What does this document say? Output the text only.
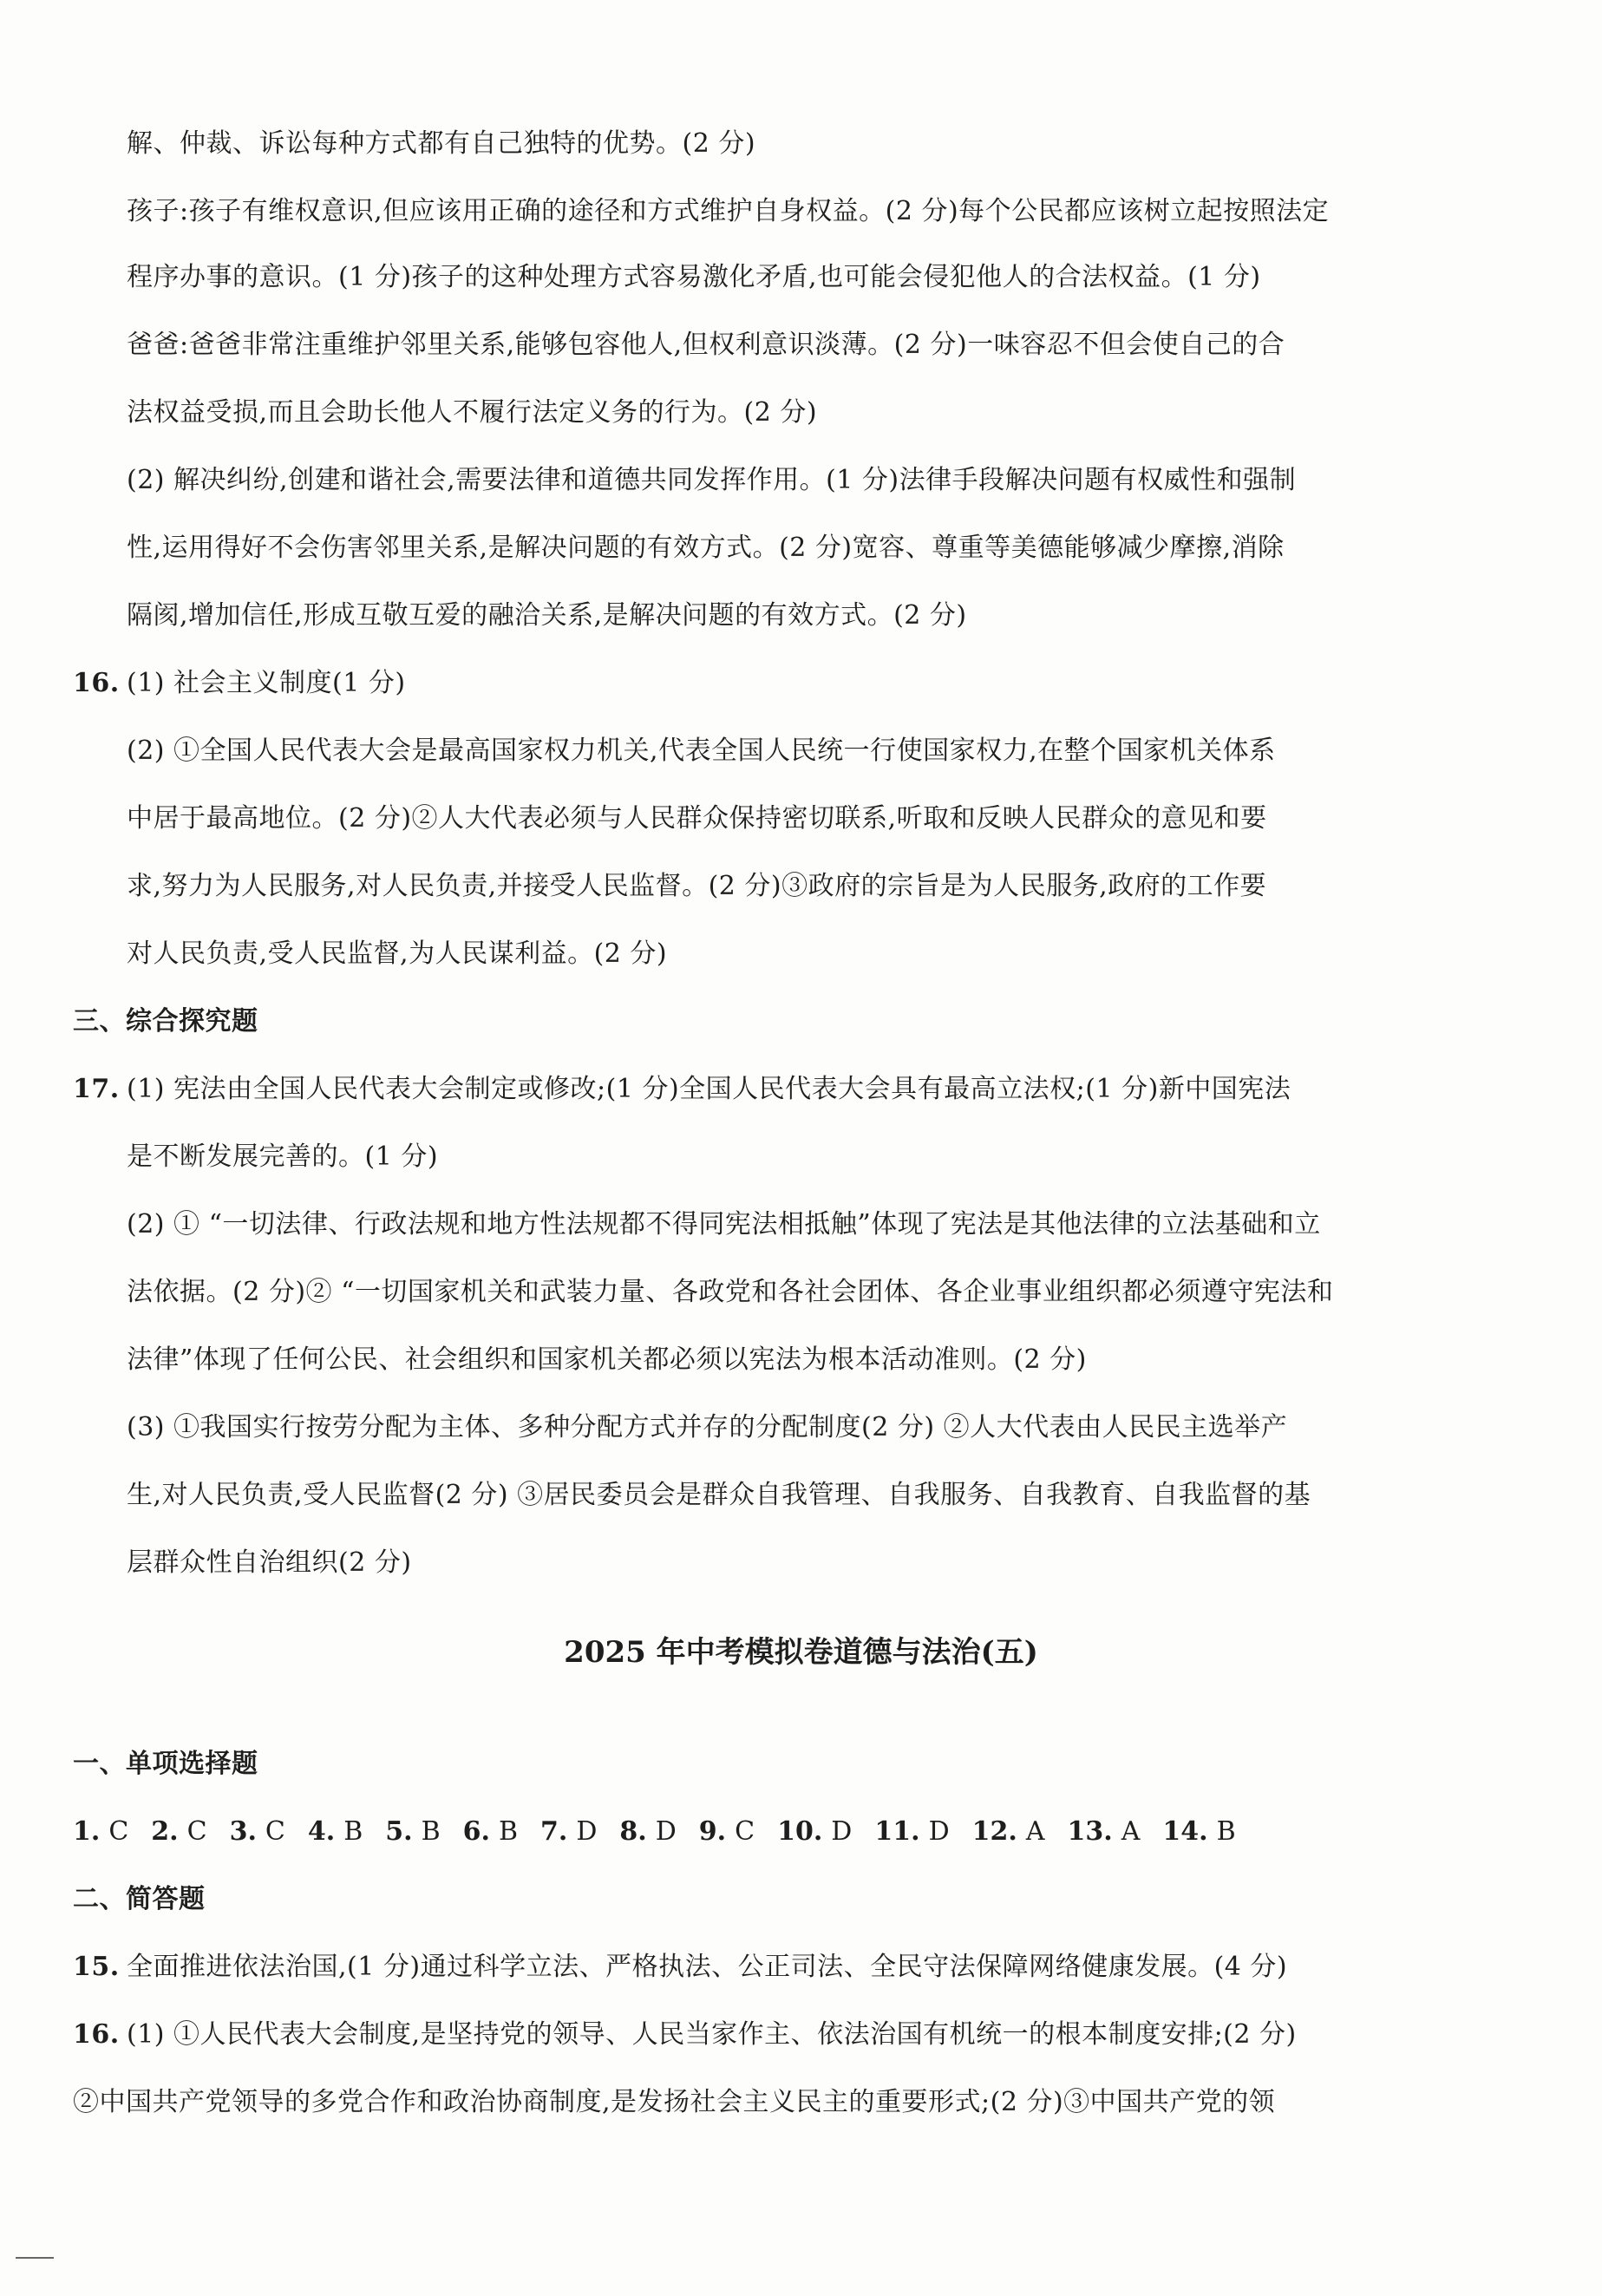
解、仲裁、诉讼每种方式都有自己独特的优势。(2 分)
孩子:孩子有维权意识,但应该用正确的途径和方式维护自身权益。(2 分)每个公民都应该树立起按照法定
程序办事的意识。(1 分)孩子的这种处理方式容易激化矛盾,也可能会侵犯他人的合法权益。(1 分)
爸爸:爸爸非常注重维护邻里关系,能够包容他人,但权利意识淡薄。(2 分)一味容忍不但会使自己的合
法权益受损,而且会助长他人不履行法定义务的行为。(2 分)
(2) 解决纠纷,创建和谐社会,需要法律和道德共同发挥作用。(1 分)法律手段解决问题有权威性和强制
性,运用得好不会伤害邻里关系,是解决问题的有效方式。(2 分)宽容、尊重等美德能够减少摩擦,消除
隔阂,增加信任,形成互敬互爱的融洽关系,是解决问题的有效方式。(2 分)
16. (1) 社会主义制度(1 分)
(2) ①全国人民代表大会是最高国家权力机关,代表全国人民统一行使国家权力,在整个国家机关体系
中居于最高地位。(2 分)②人大代表必须与人民群众保持密切联系,听取和反映人民群众的意见和要
求,努力为人民服务,对人民负责,并接受人民监督。(2 分)③政府的宗旨是为人民服务,政府的工作要
对人民负责,受人民监督,为人民谋利益。(2 分)
三、综合探究题
17. (1) 宪法由全国人民代表大会制定或修改;(1 分)全国人民代表大会具有最高立法权;(1 分)新中国宪法
是不断发展完善的。(1 分)
(2) ① “一切法律、行政法规和地方性法规都不得同宪法相抵触”体现了宪法是其他法律的立法基础和立
法依据。(2 分)② “一切国家机关和武装力量、各政党和各社会团体、各企业事业组织都必须遵守宪法和
法律”体现了任何公民、社会组织和国家机关都必须以宪法为根本活动准则。(2 分)
(3) ①我国实行按劳分配为主体、多种分配方式并存的分配制度(2 分) ②人大代表由人民民主选举产
生,对人民负责,受人民监督(2 分) ③居民委员会是群众自我管理、自我服务、自我教育、自我监督的基
层群众性自治组织(2 分)
2025 年中考模拟卷道德与法治(五)
一、单项选择题
1. C 2. C 3. C 4. B 5. B 6. B 7. D 8. D 9. C 10. D 11. D 12. A 13. A 14. B
二、简答题
15. 全面推进依法治国,(1 分)通过科学立法、严格执法、公正司法、全民守法保障网络健康发展。(4 分)
16. (1) ①人民代表大会制度,是坚持党的领导、人民当家作主、依法治国有机统一的根本制度安排;(2 分)
②中国共产党领导的多党合作和政治协商制度,是发扬社会主义民主的重要形式;(2 分)③中国共产党的领
